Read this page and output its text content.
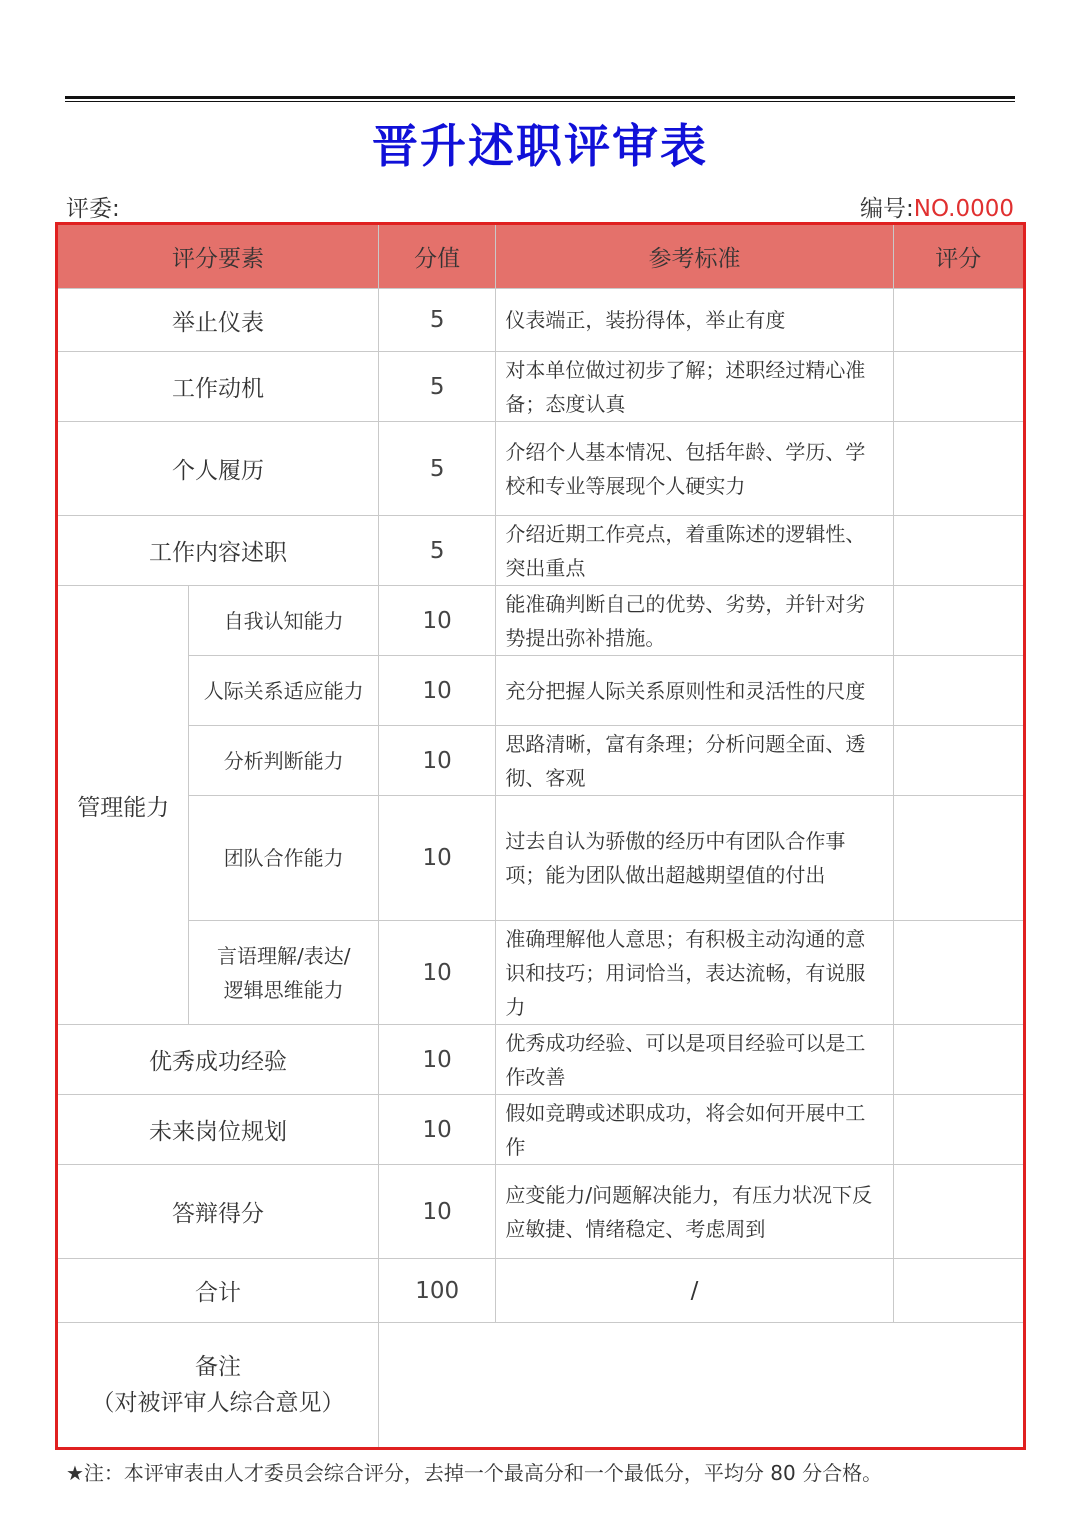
晋升述职评审表
评委:	编号:NO.0000
评分要素		分值	参考标准	评分
举止仪表		5	仪表端正，装扮得体，举止有度	
工作动机		5	对本单位做过初步了解；述职经过精心准备；态度认真	
个人履历		5	介绍个人基本情况、包括年龄、学历、学校和专业等展现个人硬实力	
工作内容述职		5	介绍近期工作亮点，着重陈述的逻辑性、突出重点	
管理能力	自我认知能力	10	能准确判断自己的优势、劣势，并针对劣势提出弥补措施。	
	人际关系适应能力	10	充分把握人际关系原则性和灵活性的尺度	
	分析判断能力	10	思路清晰，富有条理；分析问题全面、透彻、客观	
	团队合作能力	10	过去自认为骄傲的经历中有团队合作事项；能为团队做出超越期望值的付出	
	言语理解/表达/逻辑思维能力	10	准确理解他人意思；有积极主动沟通的意识和技巧；用词恰当，表达流畅，有说服力	
优秀成功经验		10	优秀成功经验、可以是项目经验可以是工作改善	
未来岗位规划		10	假如竞聘或述职成功，将会如何开展中工作	
答辩得分		10	应变能力/问题解决能力，有压力状况下反应敏捷、情绪稳定、考虑周到	
合计		100	/	

备注
（对被评审人综合意见）				

★注：本评审表由人才委员会综合评分，去掉一个最高分和一个最低分，平均分 80 分合格。
